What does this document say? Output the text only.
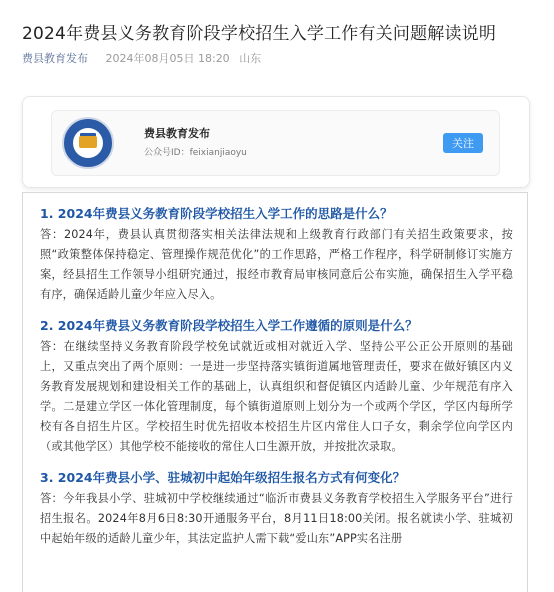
2024年费县义务教育阶段学校招生入学工作有关问题解读说明
费县教育发布 2024年08月05日 18:20 山东
费县教育发布
公众号ID：feixianjiaoyu
关注

1. 2024年费县义务教育阶段学校招生入学工作的思路是什么？

答：2024年，费县认真贯彻落实相关法律法规和上级教育行政部门有关招生政策要求，按照“政策整体保持稳定、管理操作规范优化”的工作思路，严格工作程序，科学研制修订实施方案，经县招生工作领导小组研究通过，报经市教育局审核同意后公布实施，确保招生入学平稳有序，确保适龄儿童少年应入尽入。

2. 2024年费县义务教育阶段学校招生入学工作遵循的原则是什么？

答：在继续坚持义务教育阶段学校免试就近或相对就近入学、坚持公平公正公开原则的基础上，又重点突出了两个原则：一是进一步坚持落实镇街道属地管理责任，要求在做好镇区内义务教育发展规划和建设相关工作的基础上，认真组织和督促镇区内适龄儿童、少年规范有序入学。二是建立学区一体化管理制度，每个镇街道原则上划分为一个或两个学区，学区内每所学校有各自招生片区。学校招生时优先招收本校招生片区内常住人口子女，剩余学位向学区内（或其他学区）其他学校不能接收的常住人口生源开放，并按批次录取。

3. 2024年费县小学、驻城初中起始年级招生报名方式有何变化？

答：今年我县小学、驻城初中学校继续通过“临沂市费县义务教育学校招生入学服务平台”进行招生报名。2024年8月6日8:30开通服务平台，8月11日18:00关闭。报名就读小学、驻城初中起始年级的适龄儿童少年，其法定监护人需下载“爱山东”APP实名注册
